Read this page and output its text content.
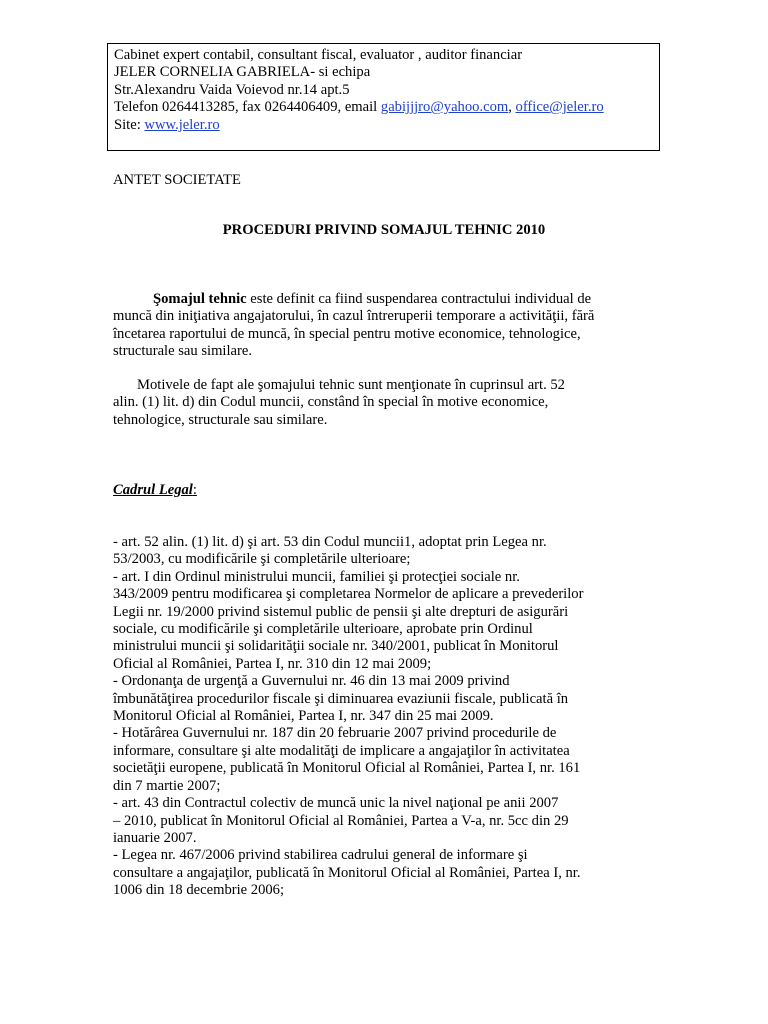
Cabinet expert contabil, consultant fiscal, evaluator , auditor financiar
JELER CORNELIA GABRIELA- si echipa
Str.Alexandru Vaida Voievod nr.14 apt.5
Telefon 0264413285, fax 0264406409, email gabijjjro@yahoo.com, office@jeler.ro
Site: www.jeler.ro
ANTET SOCIETATE
PROCEDURI PRIVIND SOMAJUL TEHNIC 2010
Şomajul tehnic este definit ca fiind suspendarea contractului individual de
muncă din iniţiativa angajatorului, în cazul întreruperii temporare a activităţii, fără
încetarea raportului de muncă, în special pentru motive economice, tehnologice,
structurale sau similare.
Motivele de fapt ale şomajului tehnic sunt menţionate în cuprinsul art. 52
alin. (1) lit. d) din Codul muncii, constând în special în motive economice,
tehnologice, structurale sau similare.
Cadrul Legal:
- art. 52 alin. (1) lit. d) şi art. 53 din Codul muncii1, adoptat prin Legea nr.
53/2003, cu modificările şi completările ulterioare;
- art. I din Ordinul ministrului muncii, familiei şi protecţiei sociale nr.
343/2009 pentru modificarea şi completarea Normelor de aplicare a prevederilor
Legii nr. 19/2000 privind sistemul public de pensii şi alte drepturi de asigurări
sociale, cu modificările şi completările ulterioare, aprobate prin Ordinul
ministrului muncii şi solidarităţii sociale nr. 340/2001, publicat în Monitorul
Oficial al României, Partea I, nr. 310 din 12 mai 2009;
- Ordonanţa de urgenţă a Guvernului nr. 46 din 13 mai 2009 privind
îmbunătăţirea procedurilor fiscale şi diminuarea evaziunii fiscale, publicată în
Monitorul Oficial al României, Partea I, nr. 347 din 25 mai 2009.
- Hotărârea Guvernului nr. 187 din 20 februarie 2007 privind procedurile de
informare, consultare şi alte modalităţi de implicare a angajaţilor în activitatea
societăţii europene, publicată în Monitorul Oficial al României, Partea I, nr. 161
din 7 martie 2007;
- art. 43 din Contractul colectiv de muncă unic la nivel naţional pe anii 2007
– 2010, publicat în Monitorul Oficial al României, Partea a V-a, nr. 5cc din 29
ianuarie 2007.
- Legea nr. 467/2006 privind stabilirea cadrului general de informare şi
consultare a angajaţilor, publicată în Monitorul Oficial al României, Partea I, nr.
1006 din 18 decembrie 2006;
